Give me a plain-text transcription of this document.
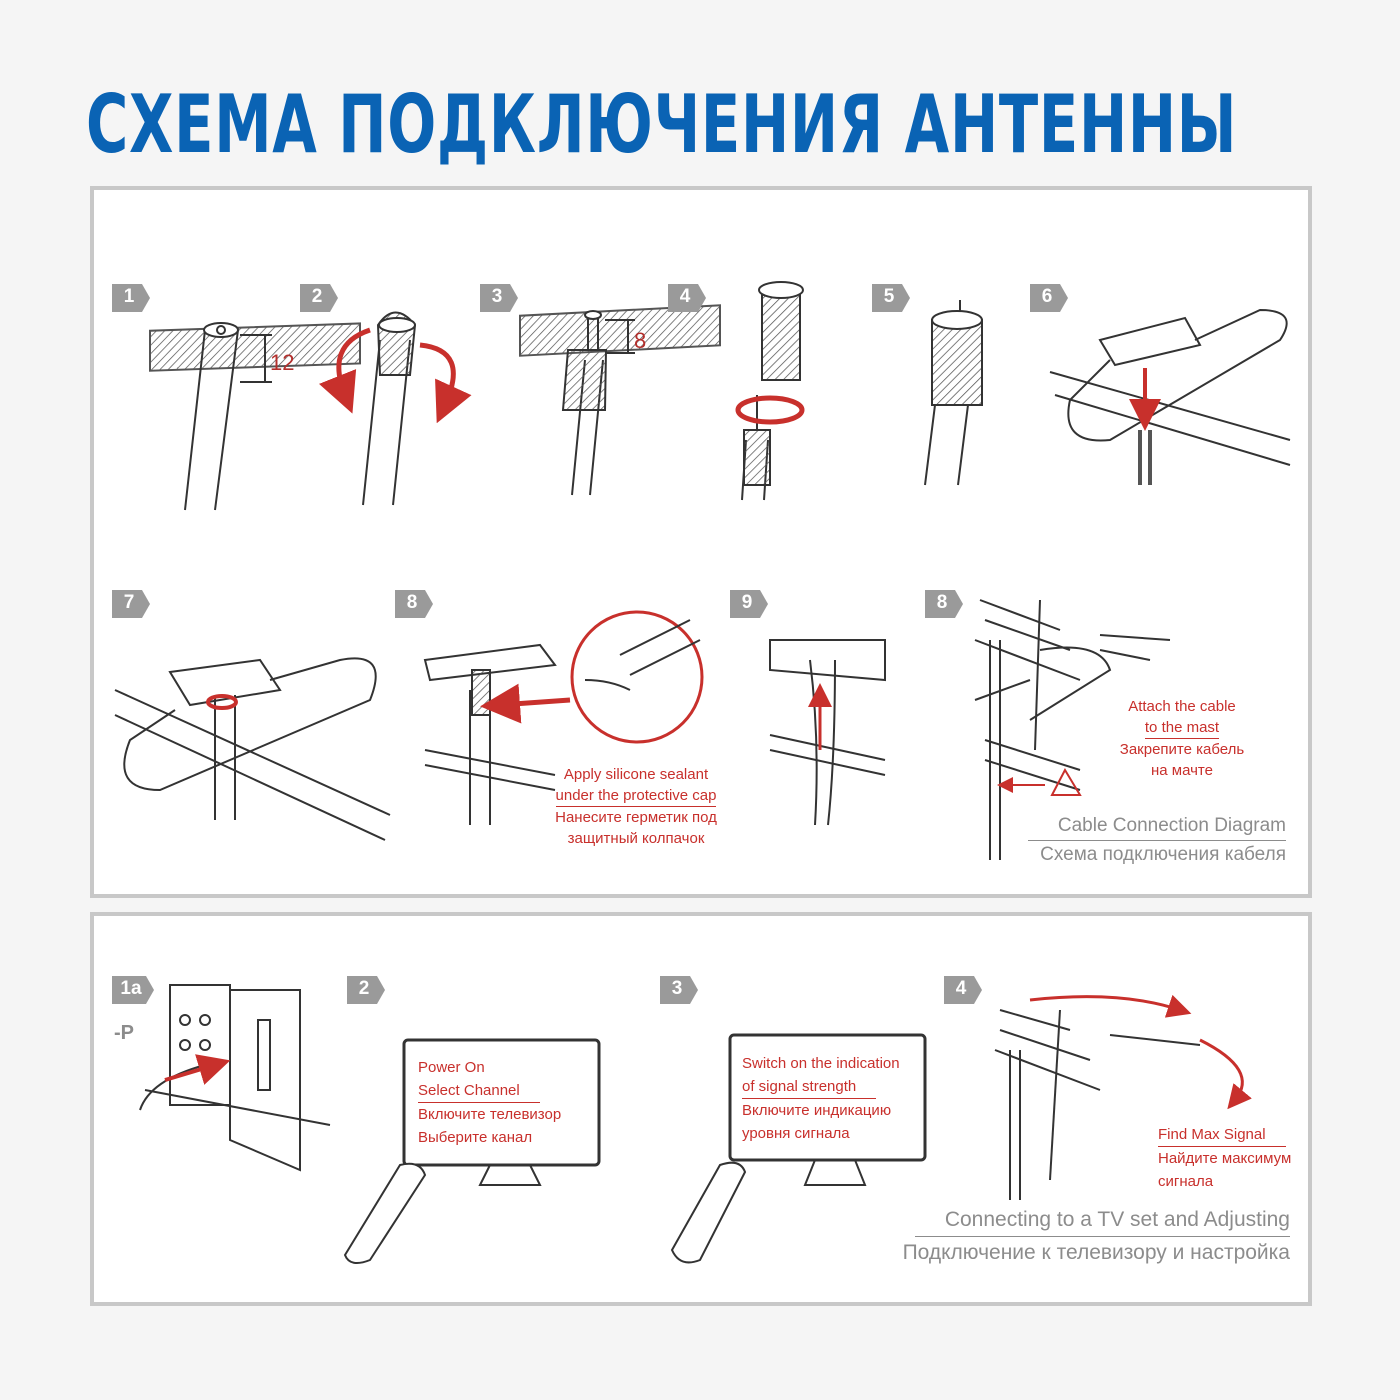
СХЕМА ПОДКЛЮЧЕНИЯ АНТЕННЫ
1	2	3	4	5	6
7	8	9	8
12
8
Apply silicone sealant
under the protective cap
Нанесите герметик под
защитный колпачок
Attach the cable
to the mast
Закрепите кабель
на мачте
Cable Connection Diagram
Схема подключения кабеля
1a	2	3	4
-P
Power On
Select Channel
Включите телевизор
Выберите канал
Switch on the indication
of signal strength
Включите индикацию
уровня сигнала	Find Max Signal
Найдите максимум
сигнала
Connecting to a TV set and Adjusting
Подключение к телевизору и настройка
